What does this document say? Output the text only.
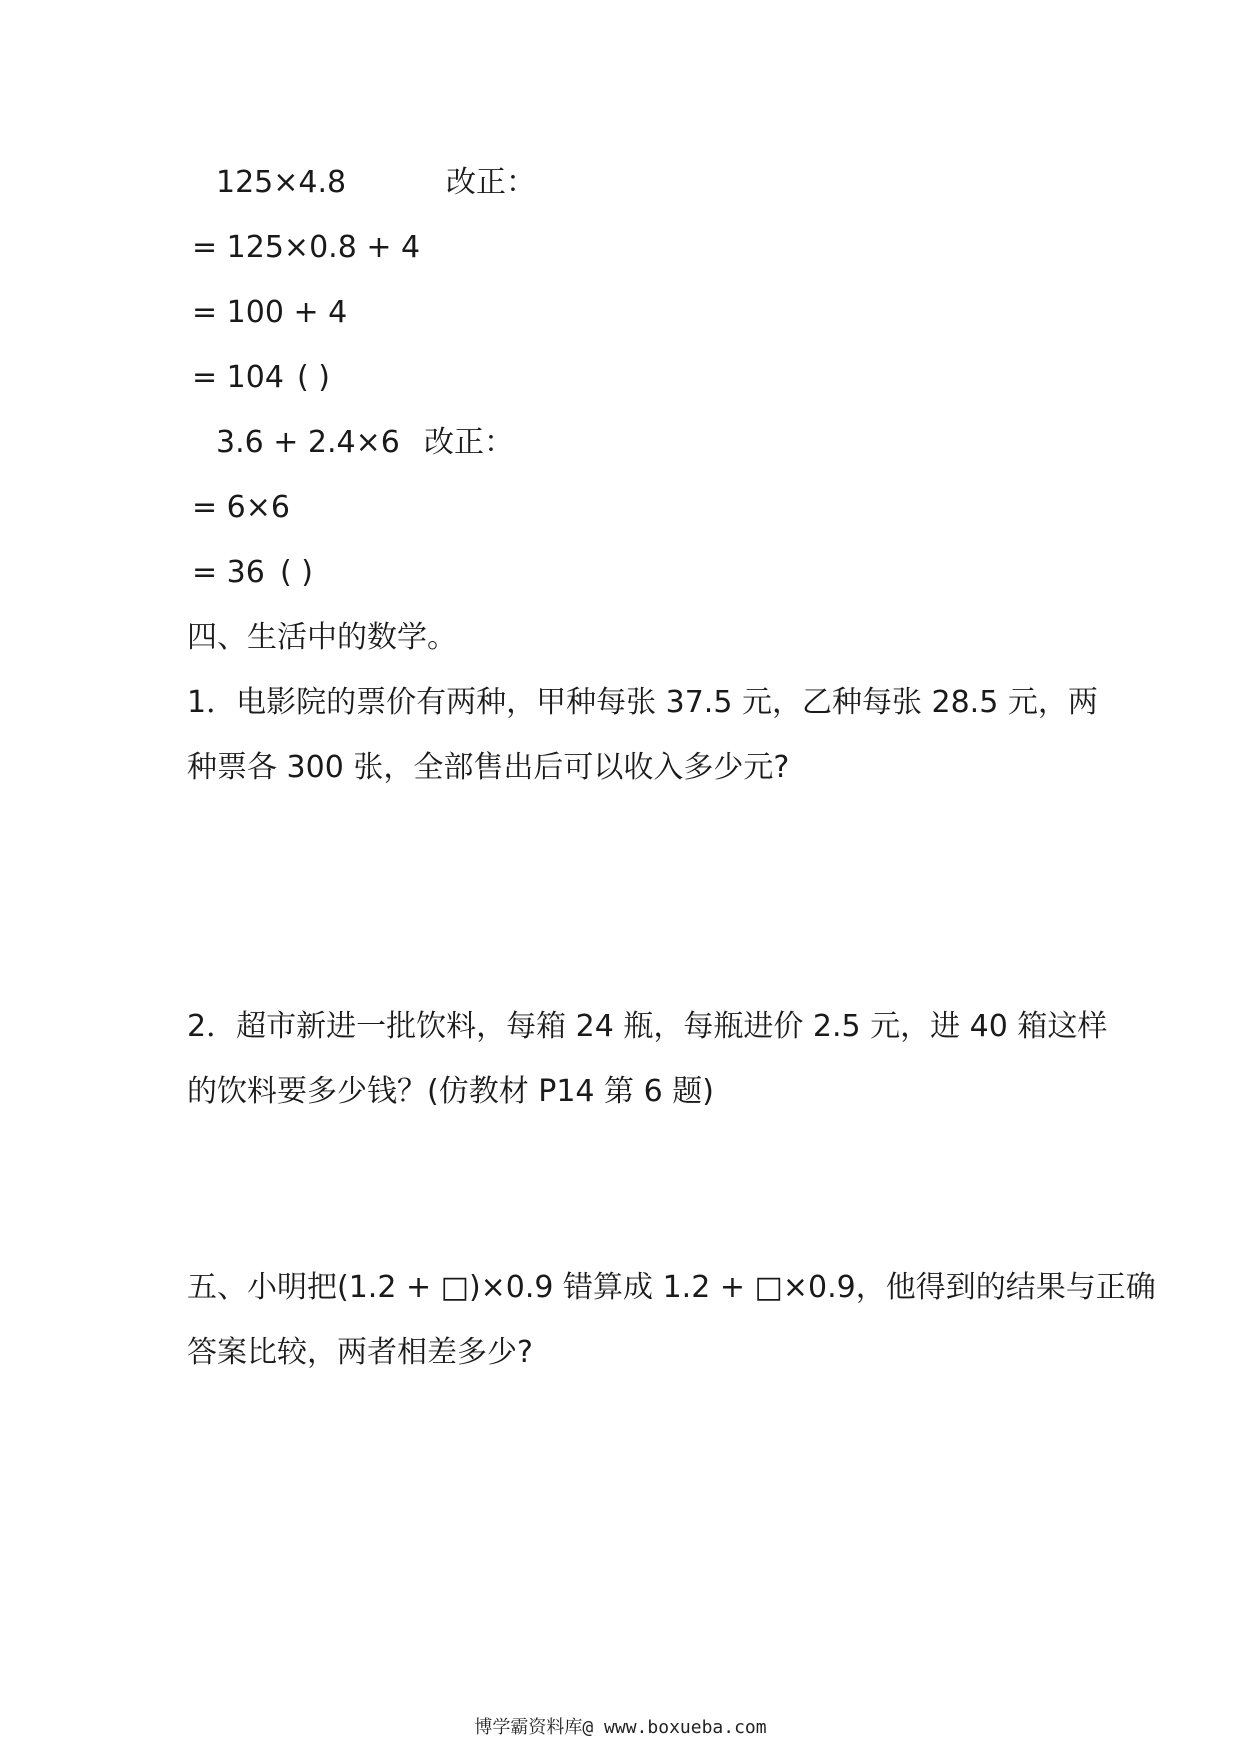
125×4.8	改正：
= 125×0.8 + 4
= 100 + 4
= 104 ( )
3.6 + 2.4×6 改正：
= 6×6
= 36 ( )
四、生活中的数学。
1．电影院的票价有两种，甲种每张 37.5 元，乙种每张 28.5 元，两
种票各 300 张，全部售出后可以收入多少元?
2．超市新进一批饮料，每箱 24 瓶，每瓶进价 2.5 元，进 40 箱这样
的饮料要多少钱？(仿教材 P14 第 6 题)
五、小明把(1.2 + □)×0.9 错算成 1.2 + □×0.9，他得到的结果与正确
答案比较，两者相差多少?
博学霸资料库@ www.boxueba.com
